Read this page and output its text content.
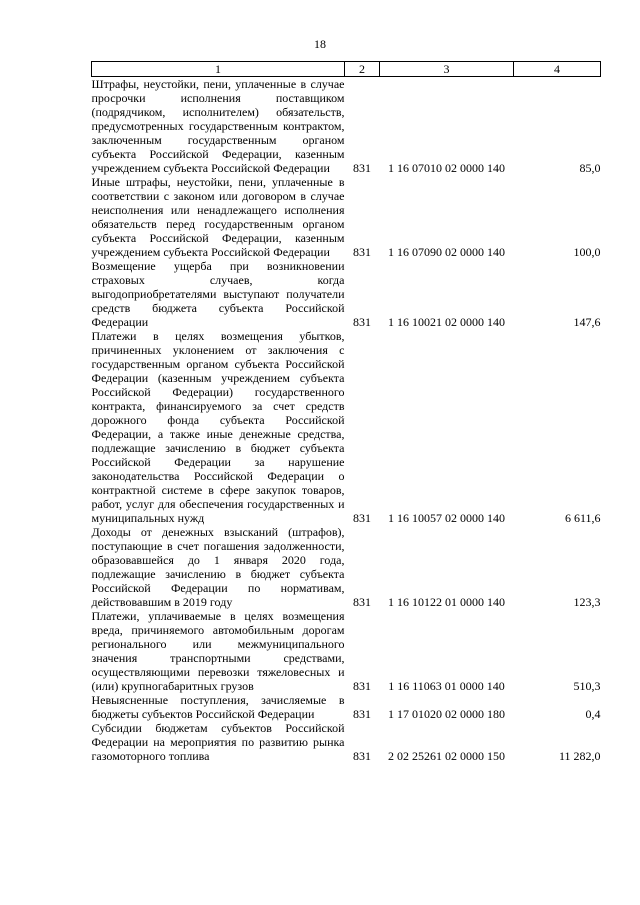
18
1	2	3	4
Штрафы, неустойки, пени, уплаченные в случае просрочки исполнения поставщиком (подрядчиком, исполнителем) обязательств, предусмотренных государственным контрактом, заключенным государственным органом субъекта Российской Федерации, казенным учреждением субъекта Российской Федерации	831	1 16 07010 02 0000 140	85,0
Иные штрафы, неустойки, пени, уплаченные в соответствии с законом или договором в случае неисполнения или ненадлежащего исполнения обязательств перед государственным органом субъекта Российской Федерации, казенным учреждением субъекта Российской Федерации	831	1 16 07090 02 0000 140	100,0
Возмещение ущерба при возникновении страховых случаев, когда выгодоприобретателями выступают получатели средств бюджета субъекта Российской Федерации	831	1 16 10021 02 0000 140	147,6
Платежи в целях возмещения убытков, причиненных уклонением от заключения с государственным органом субъекта Российской Федерации (казенным учреждением субъекта Российской Федерации) государственного контракта, финансируемого за счет средств дорожного фонда субъекта Российской Федерации, а также иные денежные средства, подлежащие зачислению в бюджет субъекта Российской Федерации за нарушение законодательства Российской Федерации о контрактной системе в сфере закупок товаров, работ, услуг для обеспечения государственных и муниципальных нужд	831	1 16 10057 02 0000 140	6 611,6
Доходы от денежных взысканий (штрафов), поступающие в счет погашения задолженности, образовавшейся до 1 января 2020 года, подлежащие зачислению в бюджет субъекта Российской Федерации по нормативам, действовавшим в 2019 году	831	1 16 10122 01 0000 140	123,3
Платежи, уплачиваемые в целях возмещения вреда, причиняемого автомобильным дорогам регионального или межмуниципального значения транспортными средствами, осуществляющими перевозки тяжеловесных и (или) крупногабаритных грузов	831	1 16 11063 01 0000 140	510,3
Невыясненные поступления, зачисляемые в бюджеты субъектов Российской Федерации	831	1 17 01020 02 0000 180	0,4
Субсидии бюджетам субъектов Российской Федерации на мероприятия по развитию рынка газомоторного топлива	831	2 02 25261 02 0000 150	11 282,0
